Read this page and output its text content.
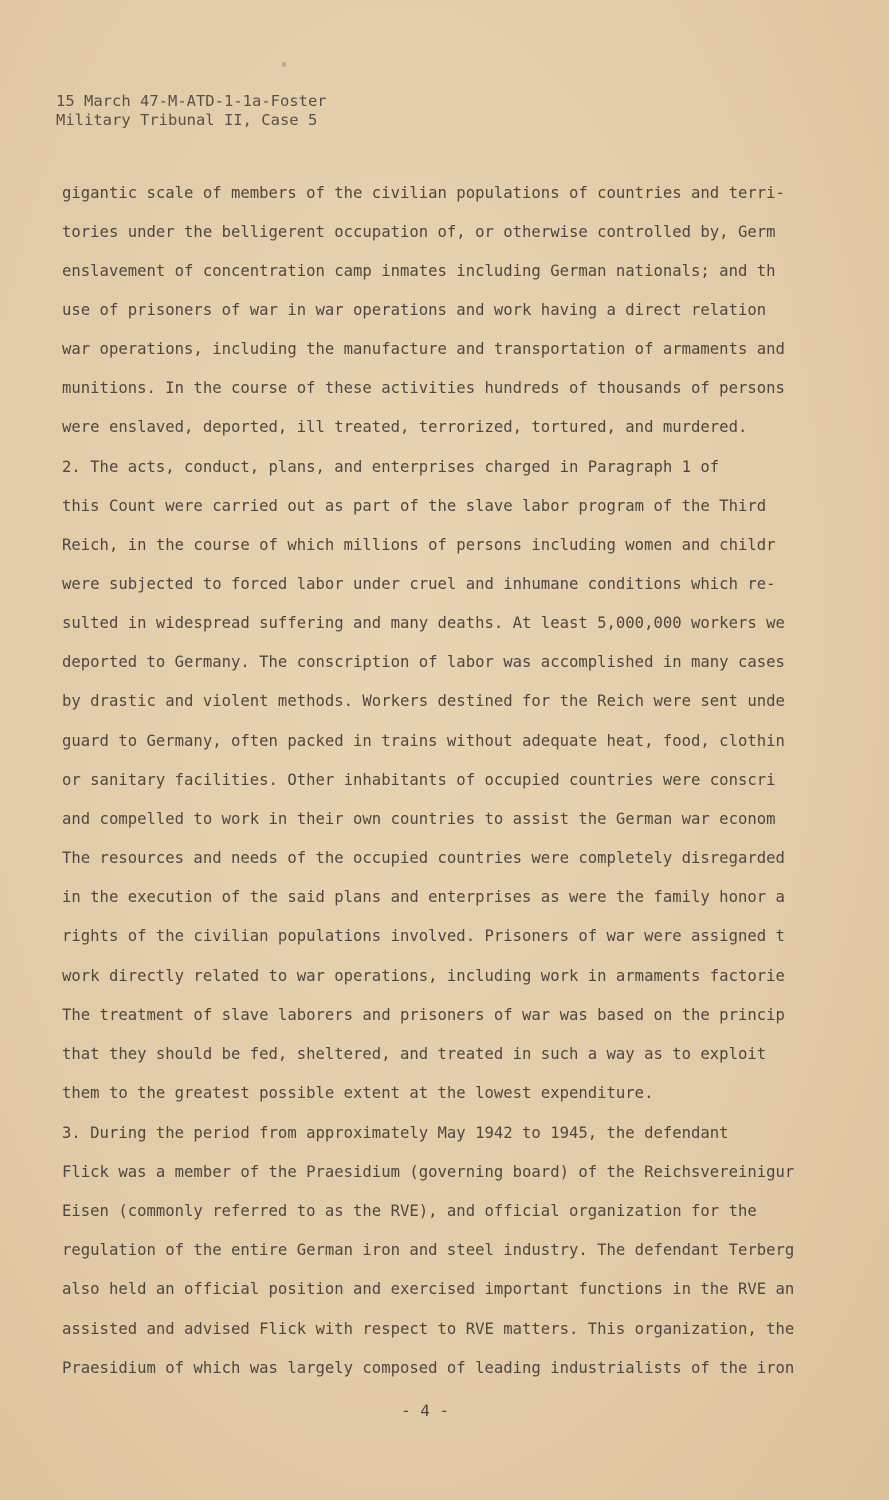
15 March 47-M-ATD-1-1a-Foster
Military Tribunal II, Case 5
gigantic scale of members of the civilian populations of countries and terri-
tories under the belligerent occupation of, or otherwise controlled by, Germ
enslavement of concentration camp inmates including German nationals; and th
use of prisoners of war in war operations and work having a direct relation
war operations, including the manufacture and transportation of armaments and
munitions. In the course of these activities hundreds of thousands of persons
were enslaved, deported, ill treated, terrorized, tortured, and murdered.
2. The acts, conduct, plans, and enterprises charged in Paragraph 1 of
this Count were carried out as part of the slave labor program of the Third
Reich, in the course of which millions of persons including women and childr
were subjected to forced labor under cruel and inhumane conditions which re-
sulted in widespread suffering and many deaths. At least 5,000,000 workers we
deported to Germany. The conscription of labor was accomplished in many cases
by drastic and violent methods. Workers destined for the Reich were sent unde
guard to Germany, often packed in trains without adequate heat, food, clothin
or sanitary facilities. Other inhabitants of occupied countries were conscri
and compelled to work in their own countries to assist the German war econom
The resources and needs of the occupied countries were completely disregarded
in the execution of the said plans and enterprises as were the family honor a
rights of the civilian populations involved. Prisoners of war were assigned t
work directly related to war operations, including work in armaments factorie
The treatment of slave laborers and prisoners of war was based on the princip
that they should be fed, sheltered, and treated in such a way as to exploit
them to the greatest possible extent at the lowest expenditure.
3. During the period from approximately May 1942 to 1945, the defendant
Flick was a member of the Praesidium (governing board) of the Reichsvereinigur
Eisen (commonly referred to as the RVE), and official organization for the
regulation of the entire German iron and steel industry. The defendant Terberg
also held an official position and exercised important functions in the RVE an
assisted and advised Flick with respect to RVE matters. This organization, the
Praesidium of which was largely composed of leading industrialists of the iron
- 4 -
